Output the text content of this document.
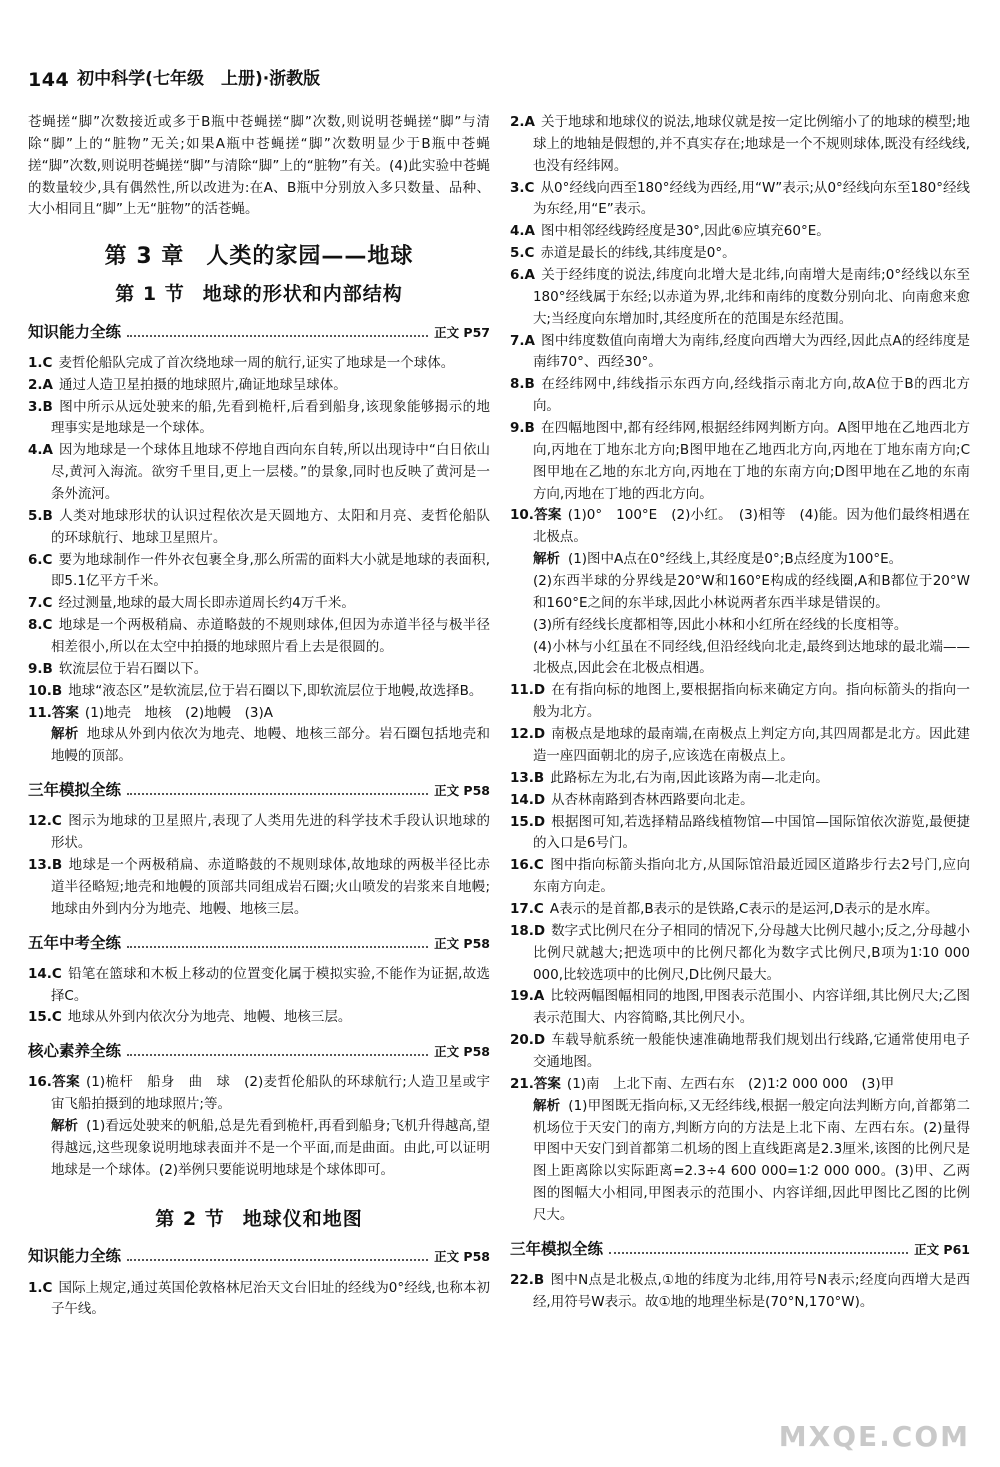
144 初中科学(七年级　上册)·浙教版

苍蝇搓“脚”次数接近或多于B瓶中苍蝇搓“脚”次数,则说明苍蝇搓“脚”与清除“脚”上的“脏物”无关;如果A瓶中苍蝇搓“脚”次数明显少于B瓶中苍蝇搓“脚”次数,则说明苍蝇搓“脚”与清除“脚”上的“脏物”有关。(4)此实验中苍蝇的数量较少,具有偶然性,所以改进为:在A、B瓶中分别放入多只数量、品种、大小相同且“脚”上无“脏物”的活苍蝇。

第 3 章 人类的家园——地球
第 1 节 地球的形状和内部结构
知识能力全练	正文 P57

1.C 麦哲伦船队完成了首次绕地球一周的航行,证实了地球是一个球体。

2.A 通过人造卫星拍摄的地球照片,确证地球呈球体。

3.B 图中所示从远处驶来的船,先看到桅杆,后看到船身,该现象能够揭示的地理事实是地球是一个球体。

4.A 因为地球是一个球体且地球不停地自西向东自转,所以出现诗中“白日依山尽,黄河入海流。欲穷千里目,更上一层楼。”的景象,同时也反映了黄河是一条外流河。

5.B 人类对地球形状的认识过程依次是天圆地方、太阳和月亮、麦哲伦船队的环球航行、地球卫星照片。

6.C 要为地球制作一件外衣包裹全身,那么所需的面料大小就是地球的表面积,即5.1亿平方千米。

7.C 经过测量,地球的最大周长即赤道周长约4万千米。

8.C 地球是一个两极稍扁、赤道略鼓的不规则球体,但因为赤道半径与极半径相差很小,所以在太空中拍摄的地球照片看上去是很圆的。

9.B 软流层位于岩石圈以下。

10.B 地球“液态区”是软流层,位于岩石圈以下,即软流层位于地幔,故选择B。

11.答案 (1)地壳　地核　(2)地幔　(3)A

解析 地球从外到内依次为地壳、地幔、地核三部分。岩石圈包括地壳和地幔的顶部。

三年模拟全练	正文 P58

12.C 图示为地球的卫星照片,表现了人类用先进的科学技术手段认识地球的形状。

13.B 地球是一个两极稍扁、赤道略鼓的不规则球体,故地球的两极半径比赤道半径略短;地壳和地幔的顶部共同组成岩石圈;火山喷发的岩浆来自地幔;地球由外到内分为地壳、地幔、地核三层。

五年中考全练	正文 P58

14.C 铅笔在篮球和木板上移动的位置变化属于模拟实验,不能作为证据,故选择C。

15.C 地球从外到内依次分为地壳、地幔、地核三层。

核心素养全练	正文 P58

16.答案 (1)桅杆　船身　曲　球　(2)麦哲伦船队的环球航行;人造卫星或宇宙飞船拍摄到的地球照片;等。

解析 (1)看远处驶来的帆船,总是先看到桅杆,再看到船身;飞机升得越高,望得越远,这些现象说明地球表面并不是一个平面,而是曲面。由此,可以证明地球是一个球体。(2)举例只要能说明地球是个球体即可。

第 2 节 地球仪和地图
知识能力全练	正文 P58

1.C 国际上规定,通过英国伦敦格林尼治天文台旧址的经线为0°经线,也称本初子午线。

2.A 关于地球和地球仪的说法,地球仪就是按一定比例缩小了的地球的模型;地球上的地轴是假想的,并不真实存在;地球是一个不规则球体,既没有经线线,也没有经纬网。

3.C 从0°经线向西至180°经线为西经,用“W”表示;从0°经线向东至180°经线为东经,用“E”表示。

4.A 图中相邻经线跨经度是30°,因此⑥应填充60°E。

5.C 赤道是最长的纬线,其纬度是0°。

6.A 关于经纬度的说法,纬度向北增大是北纬,向南增大是南纬;0°经线以东至180°经线属于东经;以赤道为界,北纬和南纬的度数分别向北、向南愈来愈大;当经度向东增加时,其经度所在的范围是东经范围。

7.A 图中纬度数值向南增大为南纬,经度向西增大为西经,因此点A的经纬度是南纬70°、西经30°。

8.B 在经纬网中,纬线指示东西方向,经线指示南北方向,故A位于B的西北方向。

9.B 在四幅地图中,都有经纬网,根据经纬网判断方向。A图甲地在乙地西北方向,丙地在丁地东北方向;B图甲地在乙地西北方向,丙地在丁地东南方向;C图甲地在乙地的东北方向,丙地在丁地的东南方向;D图甲地在乙地的东南方向,丙地在丁地的西北方向。

10.答案 (1)0°　100°E　(2)小红。　(3)相等　(4)能。因为他们最终相遇在北极点。

解析 (1)图中A点在0°经线上,其经度是0°;B点经度为100°E。

(2)东西半球的分界线是20°W和160°E构成的经线圈,A和B都位于20°W和160°E之间的东半球,因此小林说两者东西半球是错误的。

(3)所有经线长度都相等,因此小林和小红所在经线的长度相等。

(4)小林与小红虽在不同经线,但沿经线向北走,最终到达地球的最北端——北极点,因此会在北极点相遇。

11.D 在有指向标的地图上,要根据指向标来确定方向。指向标箭头的指向一般为北方。

12.D 南极点是地球的最南端,在南极点上判定方向,其四周都是北方。因此建造一座四面朝北的房子,应该选在南极点上。

13.B 此路标左为北,右为南,因此该路为南—北走向。

14.D 从杏林南路到杏林西路要向北走。

15.D 根据图可知,若选择精品路线植物馆—中国馆—国际馆依次游览,最便捷的入口是6号门。

16.C 图中指向标箭头指向北方,从国际馆沿最近园区道路步行去2号门,应向东南方向走。

17.C A表示的是首都,B表示的是铁路,C表示的是运河,D表示的是水库。

18.D 数字式比例尺在分子相同的情况下,分母越大比例尺越小;反之,分母越小比例尺就越大;把选项中的比例尺都化为数字式比例尺,B项为1∶10 000 000,比较选项中的比例尺,D比例尺最大。

19.A 比较两幅图幅相同的地图,甲图表示范围小、内容详细,其比例尺大;乙图表示范围大、内容简略,其比例尺小。

20.D 车载导航系统一般能快速准确地帮我们规划出行线路,它通常使用电子交通地图。

21.答案 (1)南　上北下南、左西右东　(2)1∶2 000 000　(3)甲

解析 (1)甲图既无指向标,又无经纬线,根据一般定向法判断方向,首都第二机场位于天安门的南方,判断方向的方法是上北下南、左西右东。(2)量得甲图中天安门到首都第二机场的图上直线距离是2.3厘米,该图的比例尺是图上距离除以实际距离=2.3÷4 600 000=1∶2 000 000。(3)甲、乙两图的图幅大小相同,甲图表示的范围小、内容详细,因此甲图比乙图的比例尺大。

三年模拟全练	正文 P61

22.B 图中N点是北极点,①地的纬度为北纬,用符号N表示;经度向西增大是西经,用符号W表示。故①地的地理坐标是(70°N,170°W)。

MXQE.COM
